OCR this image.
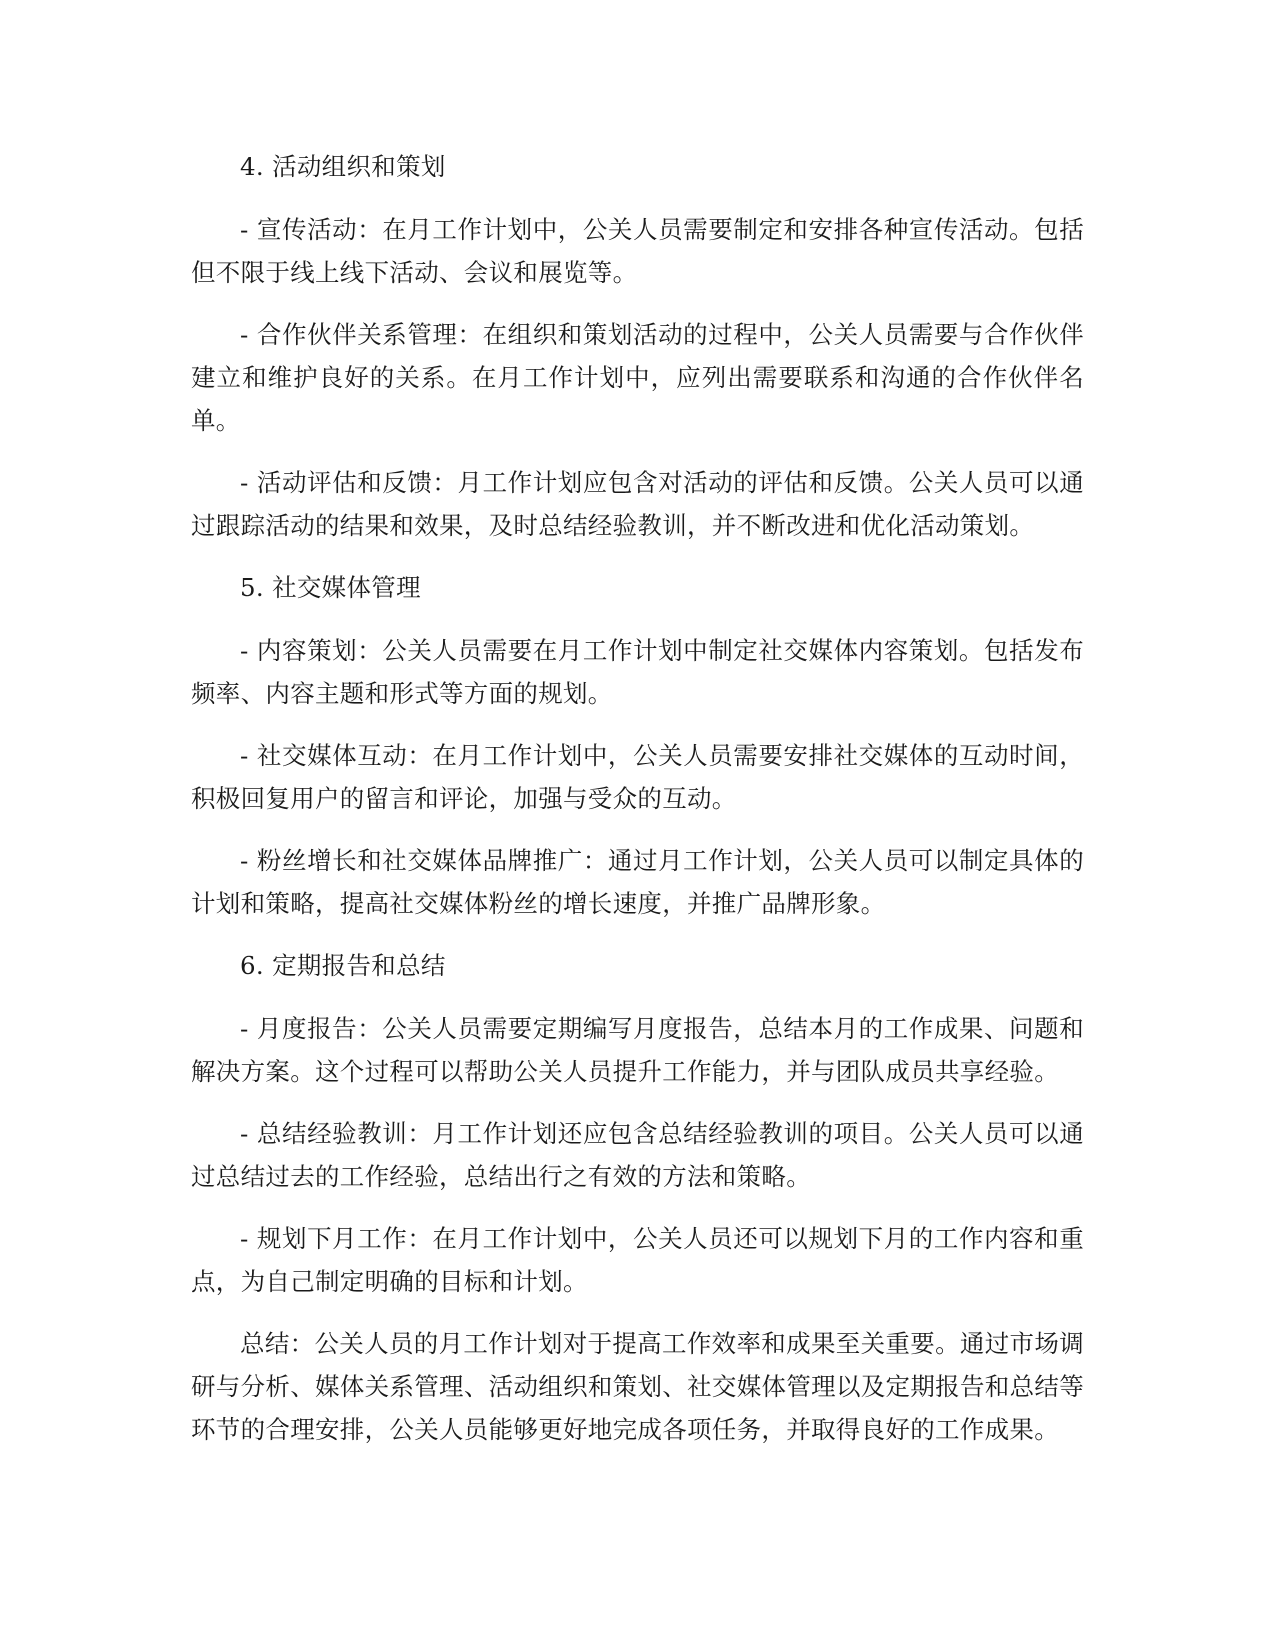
4. 活动组织和策划

- 宣传活动：在月工作计划中，公关人员需要制定和安排各种宣传活动。包括但不限于线上线下活动、会议和展览等。

- 合作伙伴关系管理：在组织和策划活动的过程中，公关人员需要与合作伙伴建立和维护良好的关系。在月工作计划中，应列出需要联系和沟通的合作伙伴名单。

- 活动评估和反馈：月工作计划应包含对活动的评估和反馈。公关人员可以通过跟踪活动的结果和效果，及时总结经验教训，并不断改进和优化活动策划。

5. 社交媒体管理

- 内容策划：公关人员需要在月工作计划中制定社交媒体内容策划。包括发布频率、内容主题和形式等方面的规划。

- 社交媒体互动：在月工作计划中，公关人员需要安排社交媒体的互动时间，积极回复用户的留言和评论，加强与受众的互动。

- 粉丝增长和社交媒体品牌推广：通过月工作计划，公关人员可以制定具体的计划和策略，提高社交媒体粉丝的增长速度，并推广品牌形象。

6. 定期报告和总结

- 月度报告：公关人员需要定期编写月度报告，总结本月的工作成果、问题和解决方案。这个过程可以帮助公关人员提升工作能力，并与团队成员共享经验。

- 总结经验教训：月工作计划还应包含总结经验教训的项目。公关人员可以通过总结过去的工作经验，总结出行之有效的方法和策略。

- 规划下月工作：在月工作计划中，公关人员还可以规划下月的工作内容和重点，为自己制定明确的目标和计划。

总结：公关人员的月工作计划对于提高工作效率和成果至关重要。通过市场调研与分析、媒体关系管理、活动组织和策划、社交媒体管理以及定期报告和总结等环节的合理安排，公关人员能够更好地完成各项任务，并取得良好的工作成果。
